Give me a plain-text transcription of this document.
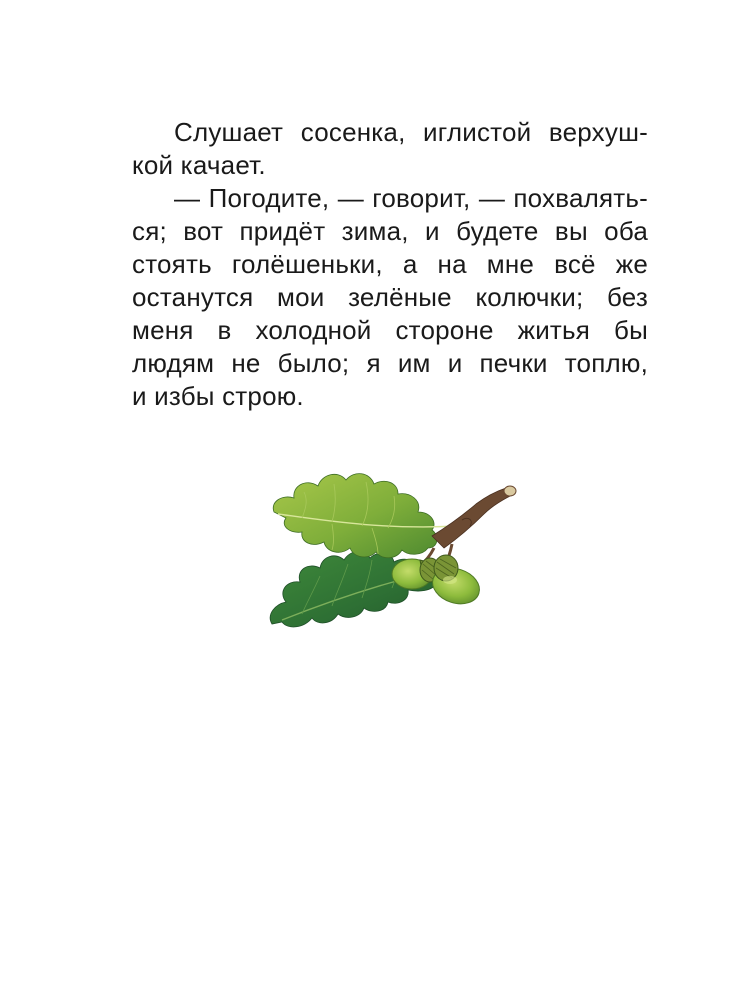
Слушает сосенка, иглистой верхуш-
кой качает.
— Погодите, — говорит, — похвалять-
ся; вот придёт зима, и будете вы оба
стоять голёшеньки, а на мне всё же
останутся мои зелёные колючки; без
меня в холодной стороне житья бы
людям не было; я им и печки топлю,
и избы строю.
